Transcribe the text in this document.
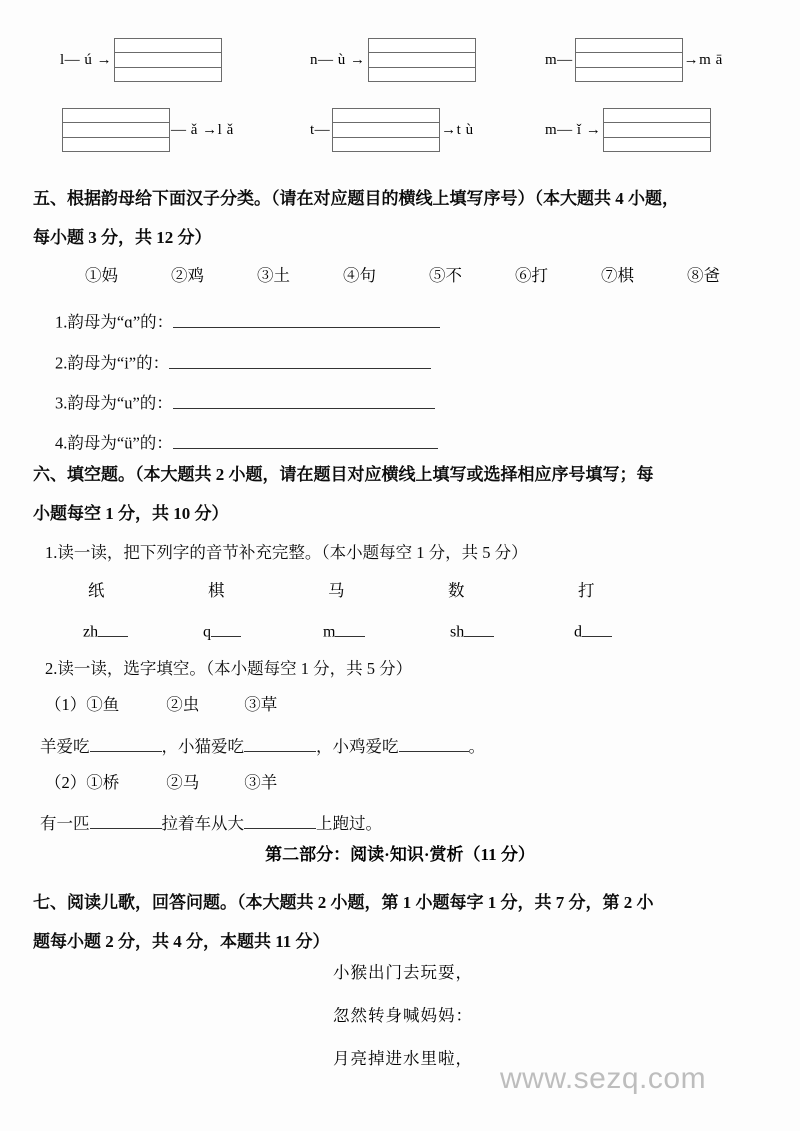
l— ú →	n— ù →	m—	→m ā
— ǎ →l ǎ	t—	→t ù	m— ǐ →
五、根据韵母给下面汉子分类。（请在对应题目的横线上填写序号）（本大题共 4 小题，
每小题 3 分，共 12 分）
①妈	②鸡	③土	④句	⑤不	⑥打	⑦棋	⑧爸
1.韵母为“ɑ”的：
2.韵母为“i”的：
3.韵母为“u”的：
4.韵母为“ü”的：
六、填空题。（本大题共 2 小题，请在题目对应横线上填写或选择相应序号填写；每
小题每空 1 分，共 10 分）
1.读一读，把下列字的音节补充完整。（本小题每空 1 分，共 5 分）
纸	棋	马	数	打
zh	q	m	sh	d
2.读一读，选字填空。（本小题每空 1 分，共 5 分）
（1） ①鱼	②虫	③草
羊爱吃	，小猫爱吃	，小鸡爱吃	。
（2） ①桥	②马	③羊
有一匹	拉着车从大	上跑过。
第二部分：阅读·知识·赏析（11 分）
七、阅读儿歌，回答问题。（本大题共 2 小题，第 1 小题每字 1 分，共 7 分，第 2 小
题每小题 2 分，共 4 分，本题共 11 分）
小猴出门去玩耍，
忽然转身喊妈妈：
月亮掉进水里啦，
www.sezq.com
